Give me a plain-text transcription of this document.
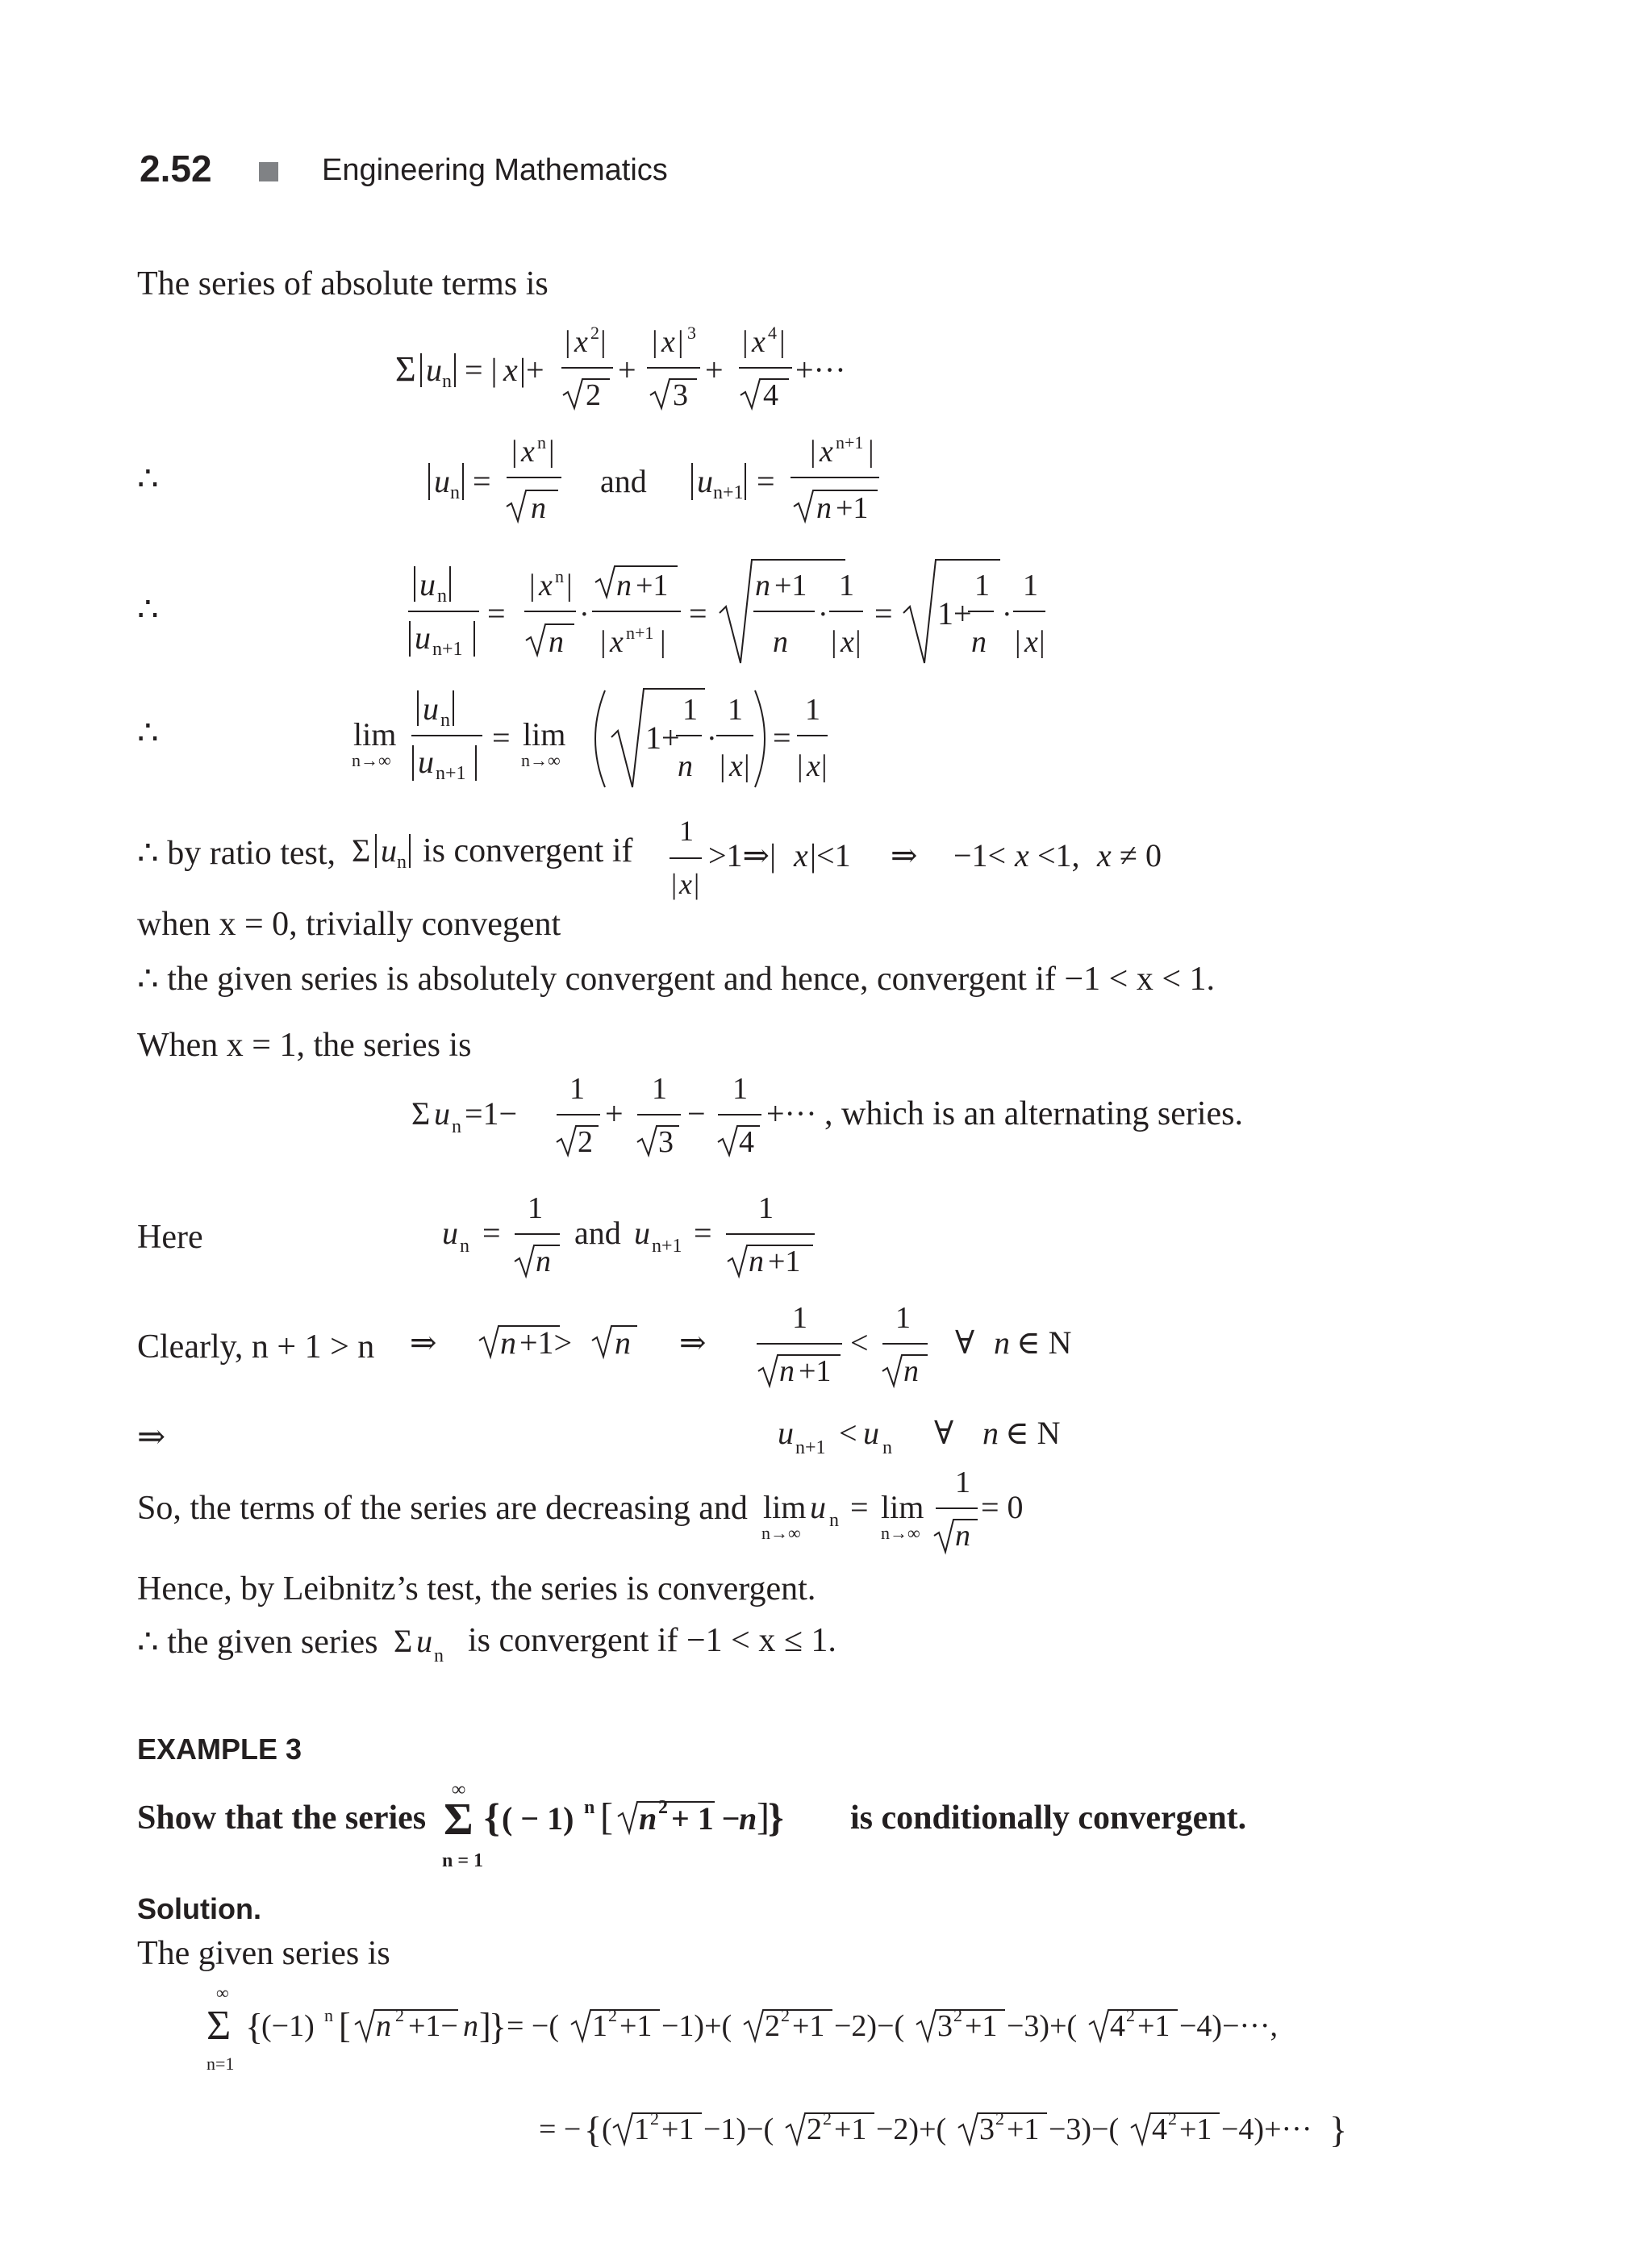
2.52	Engineering Mathematics
The series of absolute terms is
Σ u n = | x |+
| x 2 |
2
+
| x | 3
3
+
| x 4 |
4
+···
∴	u n =
| x n |
n
and u n+1 =
| x n+1 |
n +1
∴
u n
u n+1
=
| x n |
n
·
n +1
| x n+1 |
=
n +1
n
·
1
| x |
= 1+
1
n
·
1
| x |
∴	lim
n→∞
u n
u n+1
= lim
n→∞
1+
1
n
·
1
| x |
=
1
| x |
∴ by ratio test, Σ u n is convergent if
1
| x |
>1⇒| x |<1 ⇒ −1< x <1, x ≠ 0
when x = 0, trivially convegent
∴ the given series is absolutely convergent and hence, convergent if −1 < x < 1.
When x = 1, the series is
Σ u n =1−
1
2
+
1
3
−
1
4
+··· , which is an alternating series.
Here	u n =
1
n
and u n+1 =
1
n +1
Clearly, n + 1 > n ⇒ n +1> n ⇒
1
n +1
<
1
n
∀ n ∈ N
⇒	u n+1 < u n ∀ n ∈ N
So, the terms of the series are decreasing and lim u n
n→∞
= lim
n→∞
1
n
= 0
Hence, by Leibnitz’s test, the series is convergent.
∴ the given series Σ u n is convergent if −1 < x ≤ 1.
EXAMPLE 3
Show that the series
∞
Σ
n = 1
{ ( − 1) n [ n 2 + 1 −
n ]
} is conditionally convergent.
Solution.
The given series is
∞
Σ
n=1
{
(−1) n [ n 2 +1− n ]
} = −( 1 2 +1 −1)+( 2 2 +1 −2)−( 3 2 +1 −3)+( 4 2 +1 −4)−···,
= − { ( 1 2 +1 −1)−( 2 2 +1 −2)+( 3 2 +1 −3)−( 4 2 +1 −4)+··· }
